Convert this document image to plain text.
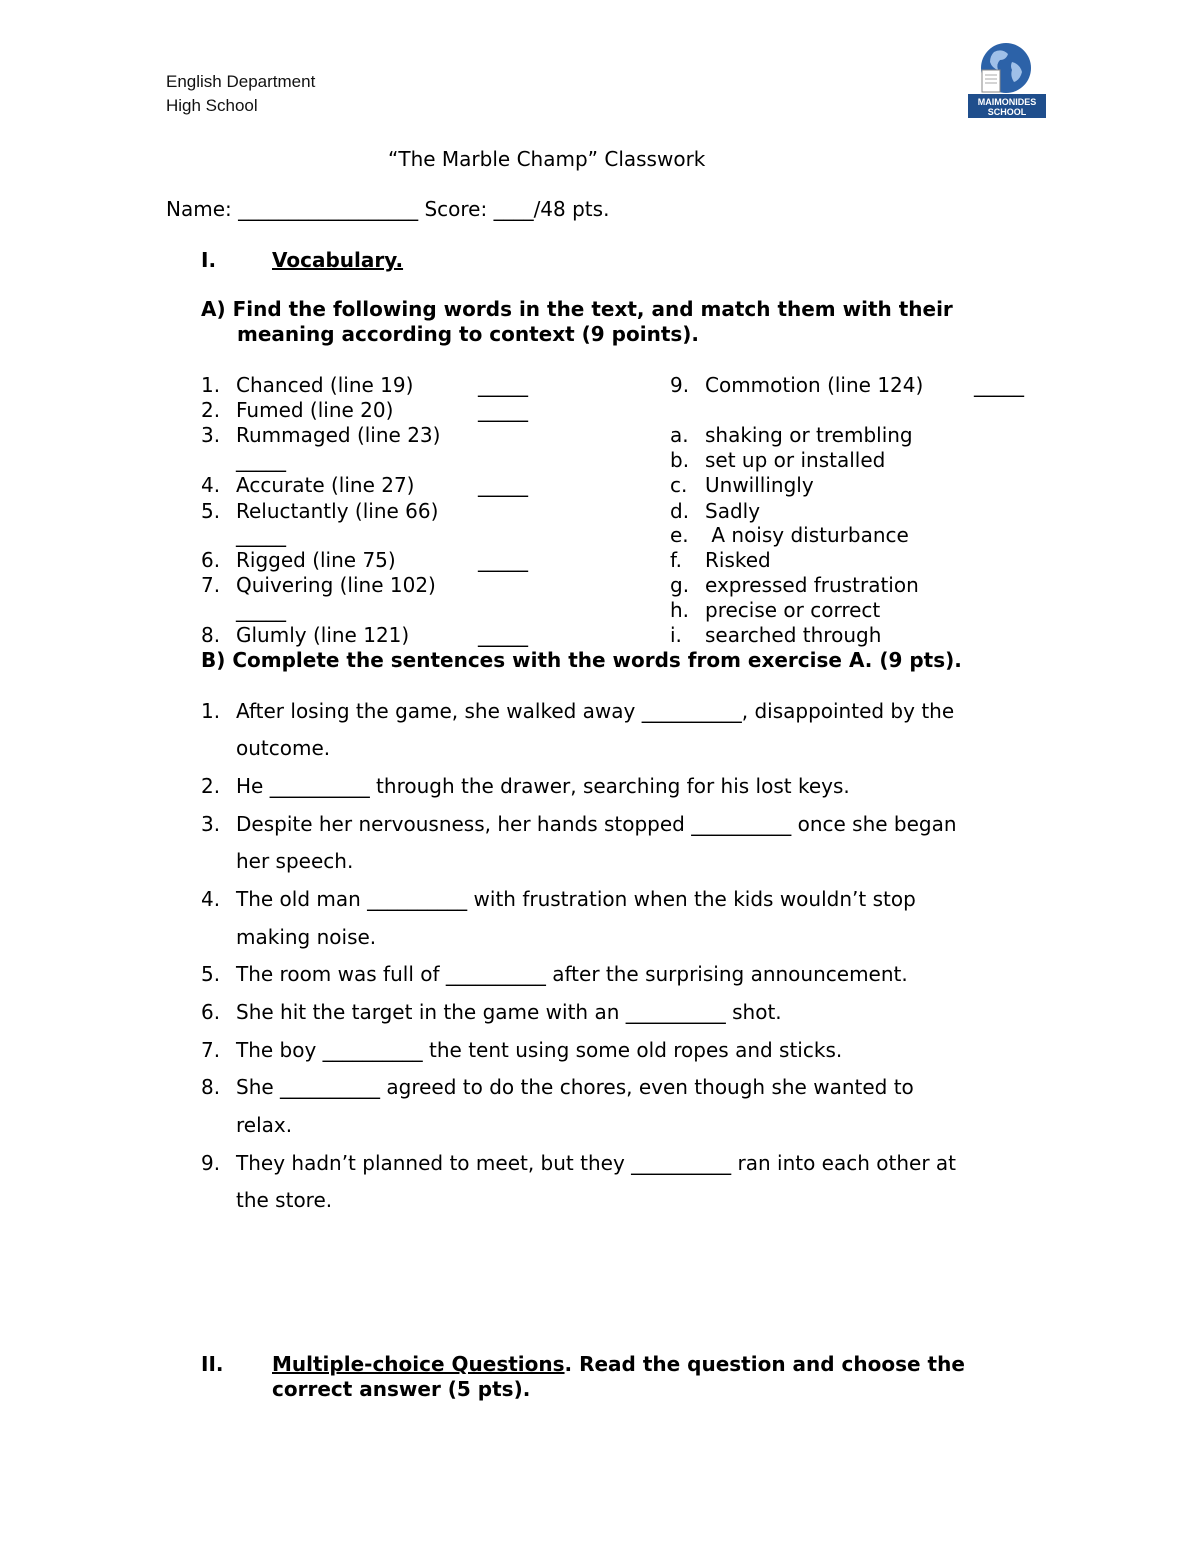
English Department
High School	MAIMONIDES
SCHOOL
“The Marble Champ” Classwork
Name: __________________ Score: ____/48 pts.
I.	Vocabulary.
A) Find the following words in the text, and match them with their
meaning according to context (9 points).
1. Chanced (line 19)	_____
2. Fumed (line 20)	_____
3. Rummaged (line 23)
_____
4. Accurate (line 27)	_____
5. Reluctantly (line 66)
_____
6. Rigged (line 75)	_____
7. Quivering (line 102)
_____
8. Glumly (line 121)	_____
9. Commotion (line 124)	_____
a. shaking or trembling
b. set up or installed
c. Unwillingly
d. Sadly
e. A noisy disturbance
f. Risked
g. expressed frustration
h. precise or correct
i. searched through
B) Complete the sentences with the words from exercise A. (9 pts).
1. After losing the game, she walked away __________, disappointed by the
outcome.
2. He __________ through the drawer, searching for his lost keys.
3. Despite her nervousness, her hands stopped __________ once she began
her speech.
4. The old man __________ with frustration when the kids wouldn’t stop
making noise.
5. The room was full of __________ after the surprising announcement.
6. She hit the target in the game with an __________ shot.
7. The boy __________ the tent using some old ropes and sticks.
8. She __________ agreed to do the chores, even though she wanted to
relax.
9. They hadn’t planned to meet, but they __________ ran into each other at
the store.
II. Multiple-choice Questions. Read the question and choose the
correct answer (5 pts).
